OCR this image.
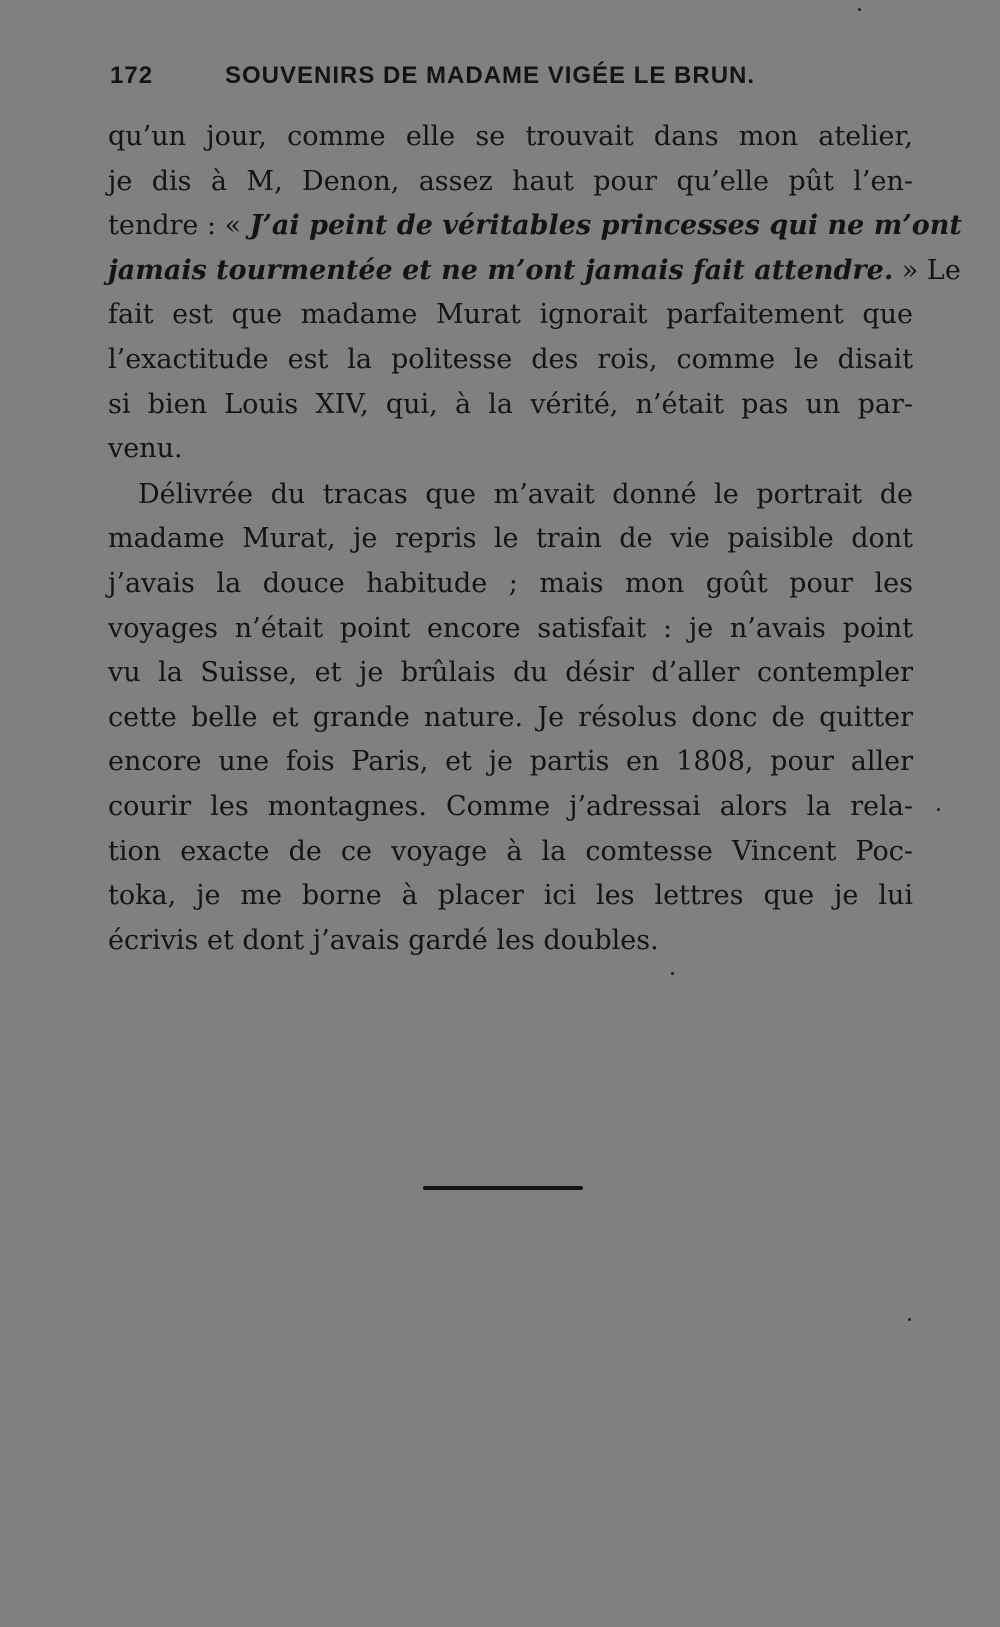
172	SOUVENIRS DE MADAME VIGÉE LE BRUN.
qu’un jour, comme elle se trouvait dans mon atelier,
je dis à M, Denon, assez haut pour qu’elle pût l’en-
tendre : « J’ai peint de véritables princesses qui ne m’ont
jamais tourmentée et ne m’ont jamais fait attendre. » Le
fait est que madame Murat ignorait parfaitement que
l’exactitude est la politesse des rois, comme le disait
si bien Louis XIV, qui, à la vérité, n’était pas un par-
venu.
Délivrée du tracas que m’avait donné le portrait de
madame Murat, je repris le train de vie paisible dont
j’avais la douce habitude ; mais mon goût pour les
voyages n’était point encore satisfait : je n’avais point
vu la Suisse, et je brûlais du désir d’aller contempler
cette belle et grande nature. Je résolus donc de quitter
encore une fois Paris, et je partis en 1808, pour aller
courir les montagnes. Comme j’adressai alors la rela-
tion exacte de ce voyage à la comtesse Vincent Poc-
toka, je me borne à placer ici les lettres que je lui
écrivis et dont j’avais gardé les doubles.
